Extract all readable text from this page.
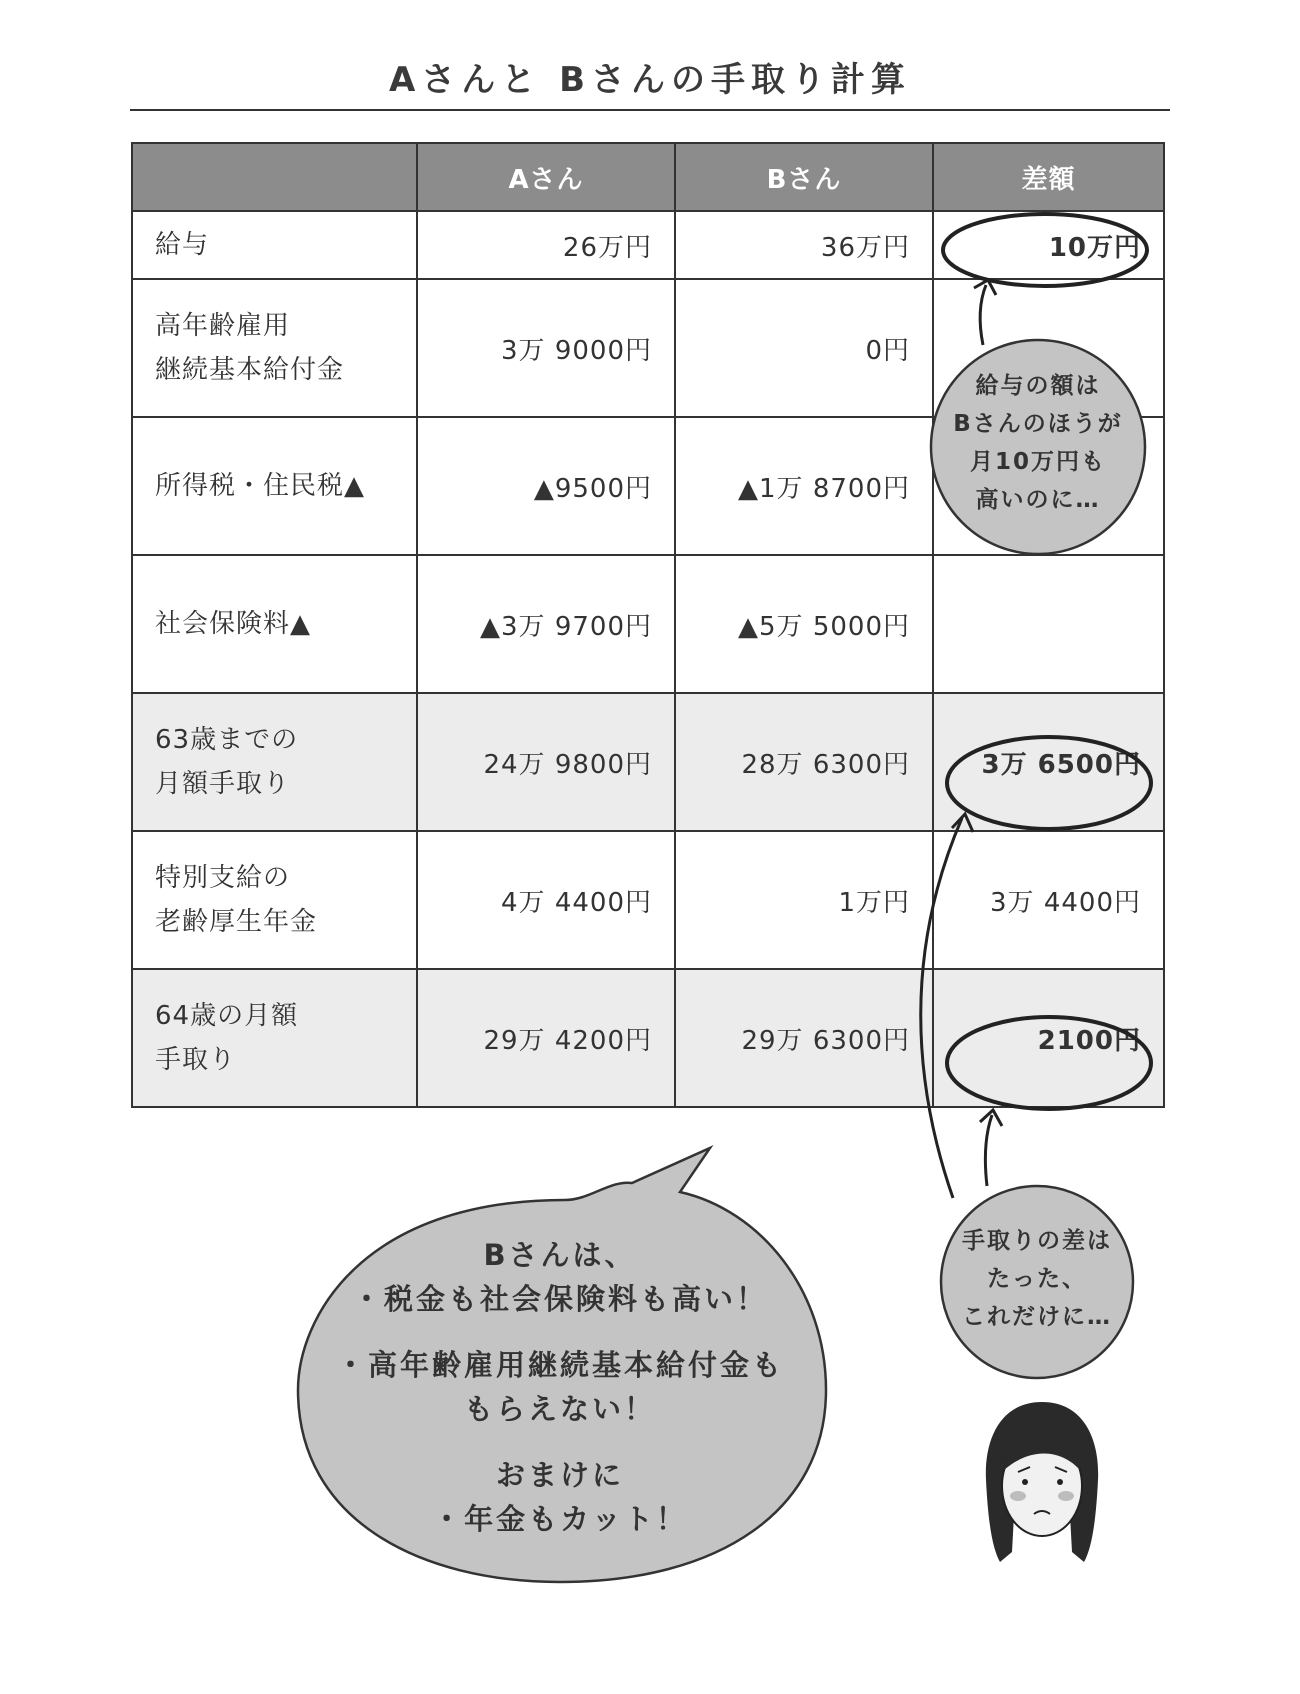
Aさんと Bさんの手取り計算
	Aさん	Bさん	差額
給与	26万円	36万円	10万円
高年齢雇用
継続基本給付金	3万 9000円	0円	
所得税・住民税▲	▲9500円	▲1万 8700円	
社会保険料▲	▲3万 9700円	▲5万 5000円	
63歳までの
月額手取り	24万 9800円	28万 6300円	3万 6500円
特別支給の
老齢厚生年金	4万 4400円	1万円	3万 4400円
64歳の月額
手取り	29万 4200円	29万 6300円	2100円
給与の額は
Bさんのほうが
月10万円も
高いのに…
手取りの差は
たった、
これだけに…
Bさんは、
・税金も社会保険料も高い！
・高年齢雇用継続基本給付金も
もらえない！
おまけに
・年金もカット！
